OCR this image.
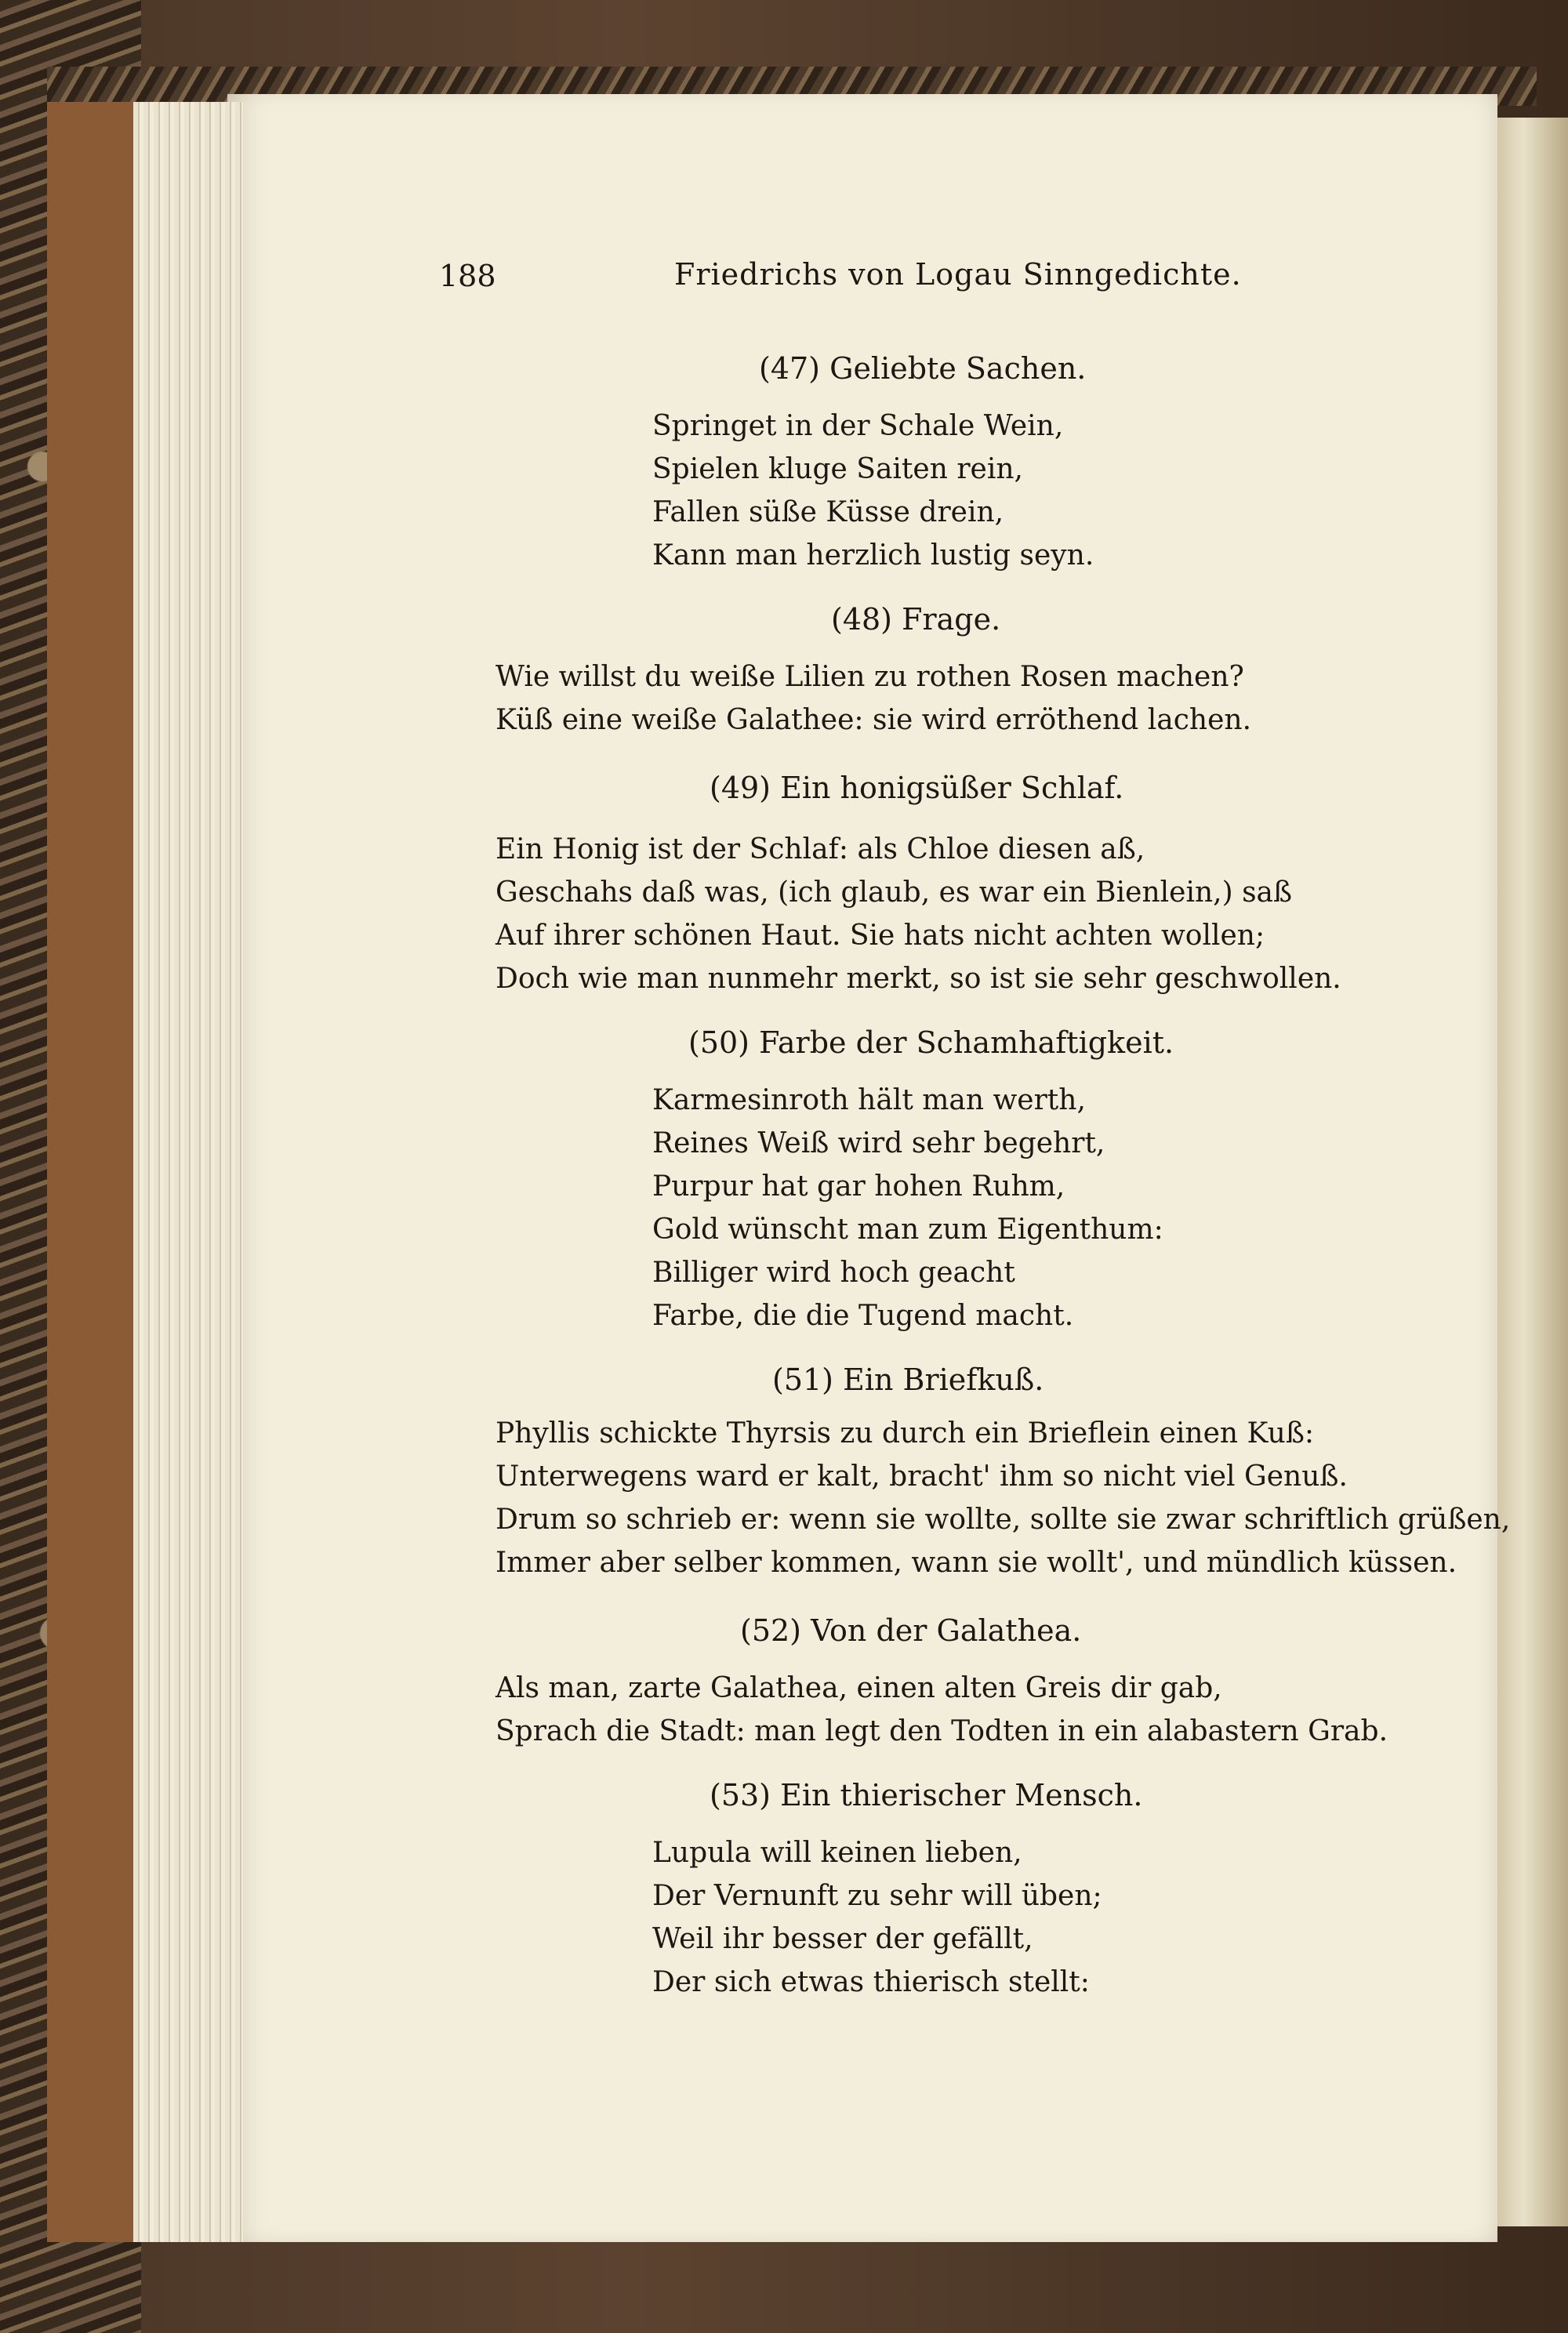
188	Friedrichs von Logau Sinngedichte.
(47) Geliebte Sachen.
Springet in der Schale Wein,
Spielen kluge Saiten rein,
Fallen süße Küsse drein,
Kann man herzlich lustig seyn.
(48) Frage.
Wie willst du weiße Lilien zu rothen Rosen machen?
Küß eine weiße Galathee: sie wird erröthend lachen.
(49) Ein honigsüßer Schlaf.
Ein Honig ist der Schlaf: als Chloe diesen aß,
Geschahs daß was, (ich glaub, es war ein Bienlein,) saß
Auf ihrer schönen Haut. Sie hats nicht achten wollen;
Doch wie man nunmehr merkt, so ist sie sehr geschwollen.
(50) Farbe der Schamhaftigkeit.
Karmesinroth hält man werth,
Reines Weiß wird sehr begehrt,
Purpur hat gar hohen Ruhm,
Gold wünscht man zum Eigenthum:
Billiger wird hoch geacht
Farbe, die die Tugend macht.
(51) Ein Briefkuß.
Phyllis schickte Thyrsis zu durch ein Brieflein einen Kuß:
Unterwegens ward er kalt, bracht' ihm so nicht viel Genuß.
Drum so schrieb er: wenn sie wollte, sollte sie zwar schriftlich grüßen,
Immer aber selber kommen, wann sie wollt', und mündlich küssen.
(52) Von der Galathea.
Als man, zarte Galathea, einen alten Greis dir gab,
Sprach die Stadt: man legt den Todten in ein alabastern Grab.
(53) Ein thierischer Mensch.
Lupula will keinen lieben,
Der Vernunft zu sehr will üben;
Weil ihr besser der gefällt,
Der sich etwas thierisch stellt:
